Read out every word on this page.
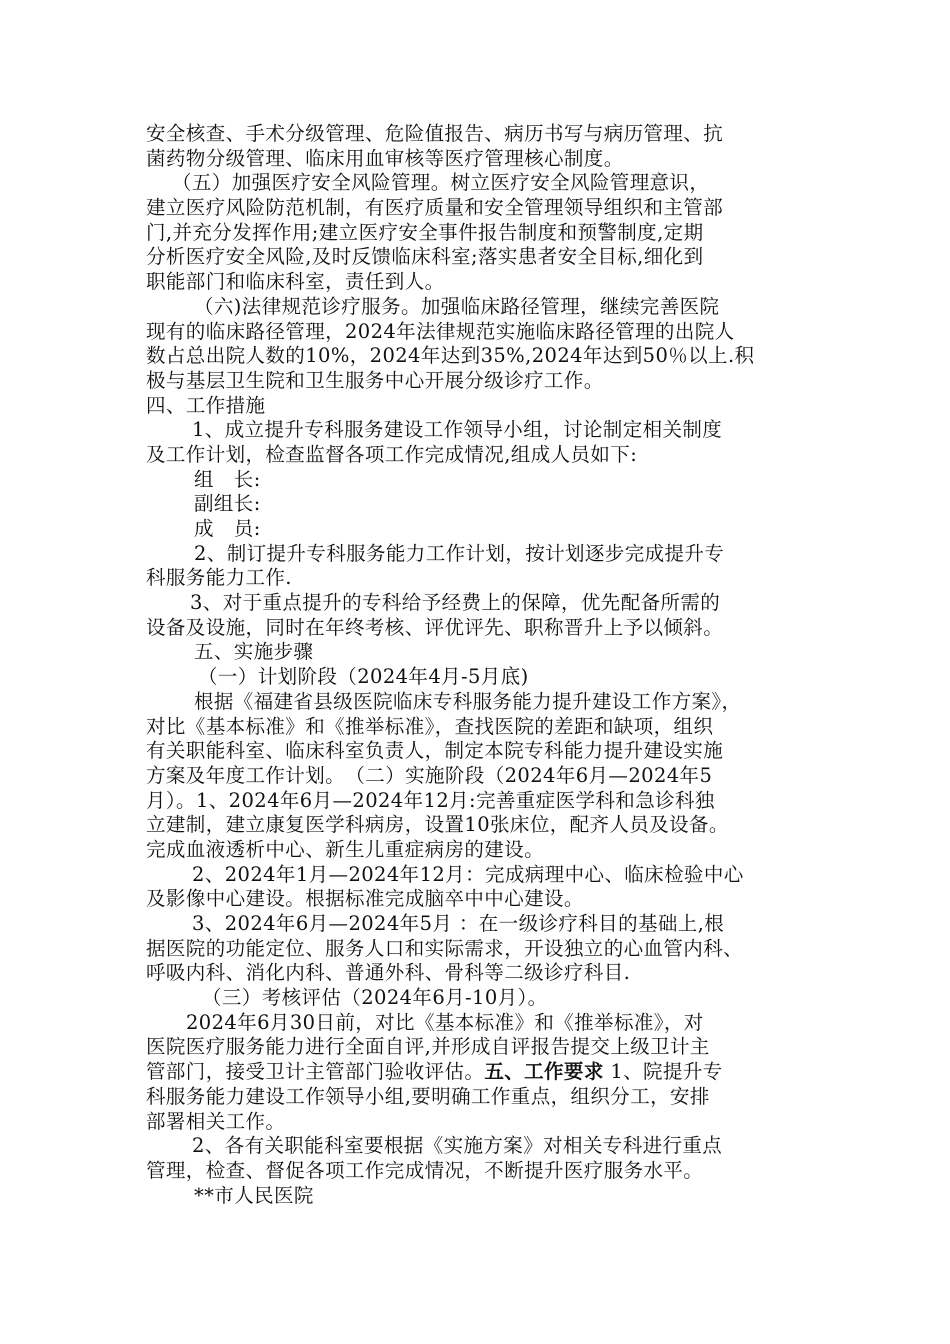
安全核查、手术分级管理、危险值报告、病历书写与病历管理、抗
菌药物分级管理、临床用血审核等医疗管理核心制度。
（五）加强医疗安全风险管理。树立医疗安全风险管理意识，
建立医疗风险防范机制，有医疗质量和安全管理领导组织和主管部
门,并充分发挥作用;建立医疗安全事件报告制度和预警制度,定期
分析医疗安全风险,及时反馈临床科室;落实患者安全目标,细化到
职能部门和临床科室，责任到人。
（六)法律规范诊疗服务。加强临床路径管理，继续完善医院
现有的临床路径管理，2024年法律规范实施临床路径管理的出院人
数占总出院人数的10%，2024年达到35%,2024年达到50％以上.积
极与基层卫生院和卫生服务中心开展分级诊疗工作。
四、工作措施
1、成立提升专科服务建设工作领导小组，讨论制定相关制度
及工作计划，检查监督各项工作完成情况,组成人员如下:
组　长:
副组长:
成　员:
2、制订提升专科服务能力工作计划，按计划逐步完成提升专
科服务能力工作.
3、对于重点提升的专科给予经费上的保障，优先配备所需的
设备及设施，同时在年终考核、评优评先、职称晋升上予以倾斜。
五、实施步骤
（一）计划阶段（2024年4月-5月底)
根据《福建省县级医院临床专科服务能力提升建设工作方案》，
对比《基本标准》和《推举标准》，查找医院的差距和缺项，组织
有关职能科室、临床科室负责人，制定本院专科能力提升建设实施
方案及年度工作计划。　（二）实施阶段（2024年6月—2024年5
月）。1、2024年6月—2024年12月:完善重症医学科和急诊科独
立建制，建立康复医学科病房，设置10张床位，配齐人员及设备。
完成血液透析中心、新生儿重症病房的建设。
2、2024年1月—2024年12月：完成病理中心、临床检验中心
及影像中心建设。根据标准完成脑卒中中心建设。
3、2024年6月—2024年5月 ：在一级诊疗科目的基础上,根
据医院的功能定位、服务人口和实际需求，开设独立的心血管内科、
呼吸内科、消化内科、普通外科、骨科等二级诊疗科目.
（三）考核评估（2024年6月-10月）。
2024年6月30日前，对比《基本标准》和《推举标准》，对
医院医疗服务能力进行全面自评,并形成自评报告提交上级卫计主
管部门，接受卫计主管部门验收评估。五、工作要求 1、院提升专
科服务能力建设工作领导小组,要明确工作重点，组织分工，安排
部署相关工作。
2、各有关职能科室要根据《实施方案》对相关专科进行重点
管理，检查、督促各项工作完成情况，不断提升医疗服务水平。
**市人民医院
